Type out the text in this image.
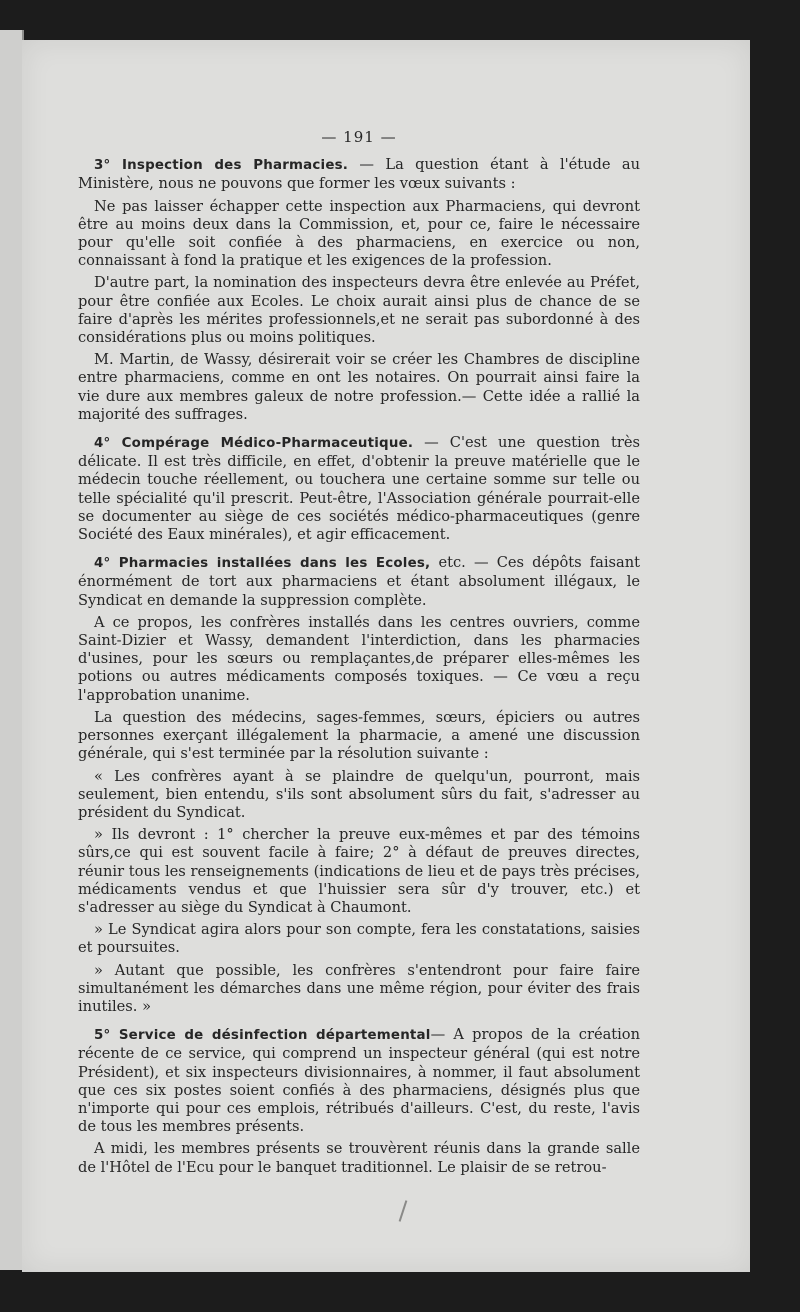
— 191 —

3° Inspection des Pharmacies. — La question étant à l'étude au Ministère, nous ne pouvons que former les vœux suivants :

Ne pas laisser échapper cette inspection aux Pharmaciens, qui devront être au moins deux dans la Commission, et, pour ce, faire le nécessaire pour qu'elle soit confiée à des pharmaciens, en exercice ou non, connaissant à fond la pratique et les exigences de la profession.

D'autre part, la nomination des inspecteurs devra être enlevée au Préfet, pour être confiée aux Ecoles. Le choix aurait ainsi plus de chance de se faire d'après les mérites professionnels,et ne serait pas subordonné à des considérations plus ou moins politiques.

M. Martin, de Wassy, désirerait voir se créer les Chambres de discipline entre pharmaciens, comme en ont les notaires. On pourrait ainsi faire la vie dure aux membres galeux de notre profession.— Cette idée a rallié la majorité des suffrages.

4° Compérage Médico-Pharmaceutique. — C'est une question très délicate. Il est très difficile, en effet, d'obtenir la preuve matérielle que le médecin touche réellement, ou touchera une certaine somme sur telle ou telle spécialité qu'il prescrit. Peut-être, l'Association générale pourrait-elle se documenter au siège de ces sociétés médico-pharmaceutiques (genre Société des Eaux minérales), et agir efficacement.

4° Pharmacies installées dans les Ecoles, etc. — Ces dépôts faisant énormément de tort aux pharmaciens et étant absolument illégaux, le Syndicat en demande la suppression complète.

A ce propos, les confrères installés dans les centres ouvriers, comme Saint-Dizier et Wassy, demandent l'interdiction, dans les pharmacies d'usines, pour les sœurs ou remplaçantes,de préparer elles-mêmes les potions ou autres médicaments composés toxiques. — Ce vœu a reçu l'approbation unanime.

La question des médecins, sages-femmes, sœurs, épiciers ou autres personnes exerçant illégalement la pharmacie, a amené une discussion générale, qui s'est terminée par la résolution suivante :

« Les confrères ayant à se plaindre de quelqu'un, pourront, mais seulement, bien entendu, s'ils sont absolument sûrs du fait, s'adresser au président du Syndicat.

» Ils devront : 1° chercher la preuve eux-mêmes et par des témoins sûrs,ce qui est souvent facile à faire; 2° à défaut de preuves directes, réunir tous les renseignements (indications de lieu et de pays très précises, médicaments vendus et que l'huissier sera sûr d'y trouver, etc.) et s'adresser au siège du Syndicat à Chaumont.

» Le Syndicat agira alors pour son compte, fera les constatations, saisies et poursuites.

» Autant que possible, les confrères s'entendront pour faire faire simultanément les démarches dans une même région, pour éviter des frais inutiles. »

5° Service de désinfection départemental— A propos de la création récente de ce service, qui comprend un inspecteur général (qui est notre Président), et six inspecteurs divisionnaires, à nommer, il faut absolument que ces six postes soient confiés à des pharmaciens, désignés plus que n'importe qui pour ces emplois, rétribués d'ailleurs. C'est, du reste, l'avis de tous les membres présents.

A midi, les membres présents se trouvèrent réunis dans la grande salle de l'Hôtel de l'Ecu pour le banquet traditionnel. Le plaisir de se retrou-
